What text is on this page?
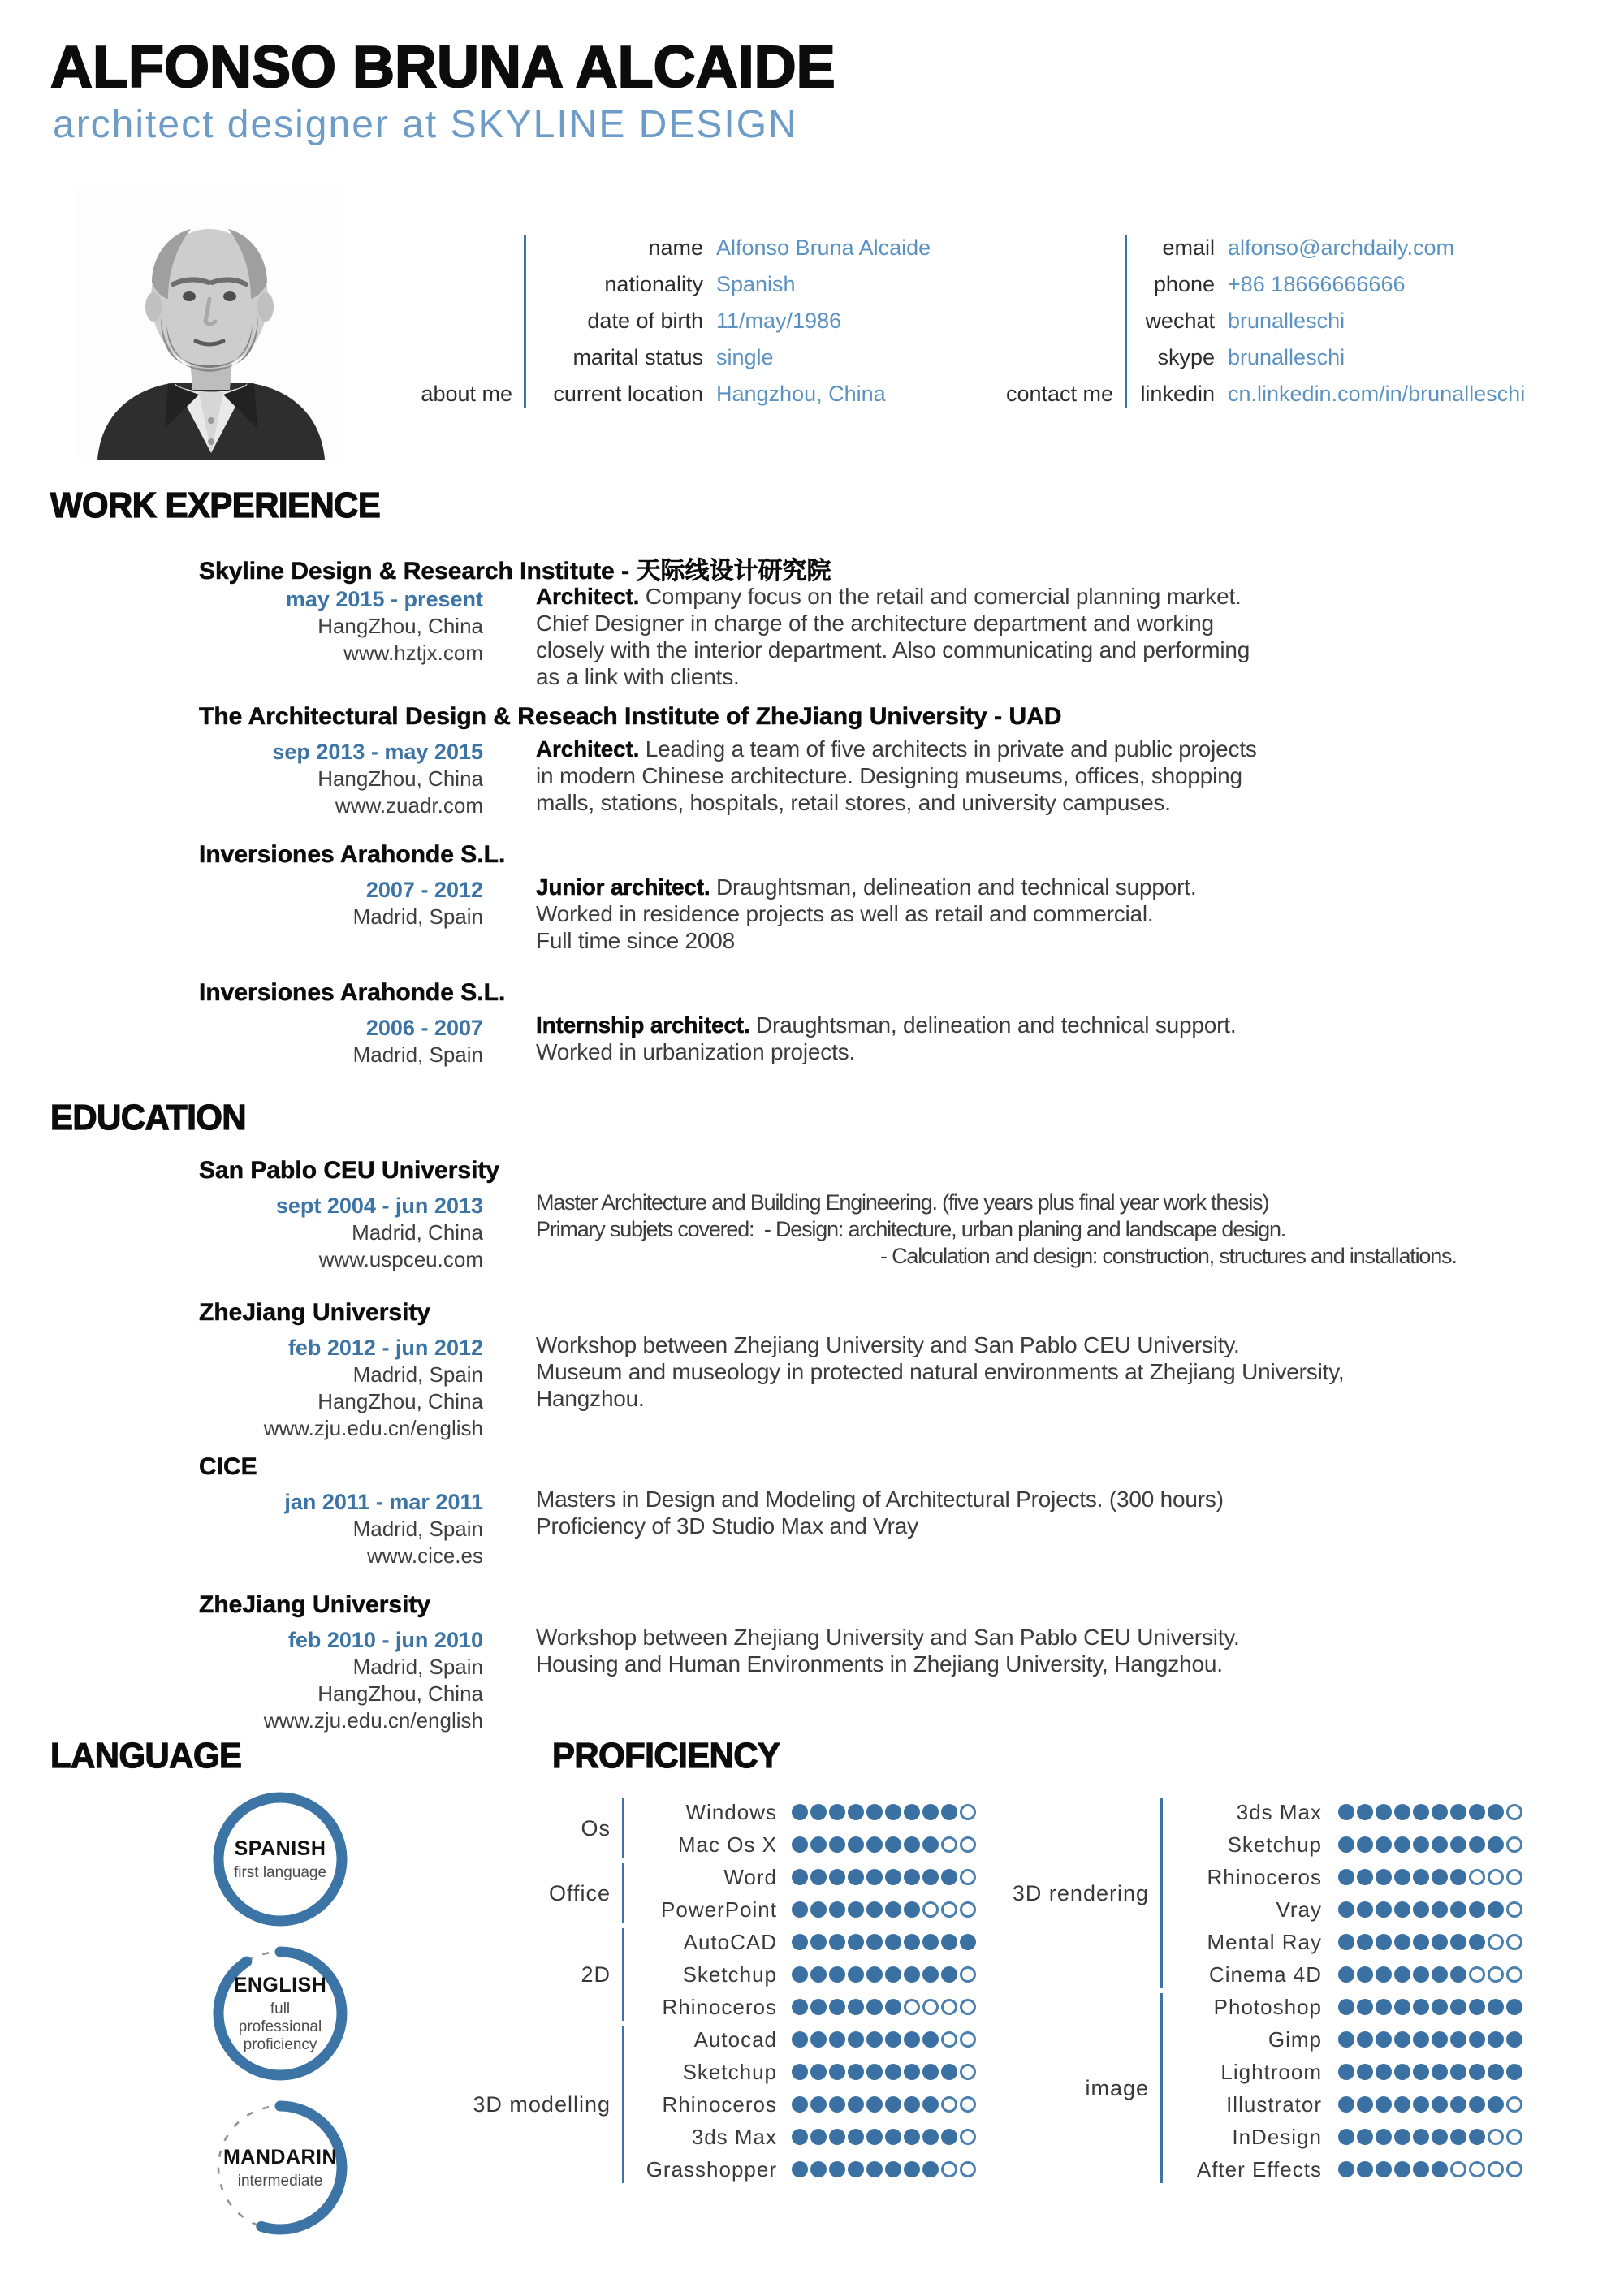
ALFONSO BRUNA ALCAIDE
architect designer at SKYLINE DESIGN
about me
name Alfonso Bruna Alcaide
nationality Spanish
date of birth 11/may/1986
marital status single
current location Hangzhou, China	contact me
email alfonso@archdaily.com
phone +86 18666666666
wechat brunalleschi
skype brunalleschi
linkedin cn.linkedin.com/in/brunalleschi
WORK EXPERIENCE
EDUCATION
LANGUAGE	PROFICIENCY
Skyline Design & Research Institute - 天际线设计研究院
may 2015 - present
HangZhou, China
www.hztjx.com
Architect. Company focus on the retail and comercial planning market.
Chief Designer in charge of the architecture department and working
closely with the interior department. Also communicating and performing
as a link with clients.
The Architectural Design & Reseach Institute of ZheJiang University - UAD
sep 2013 - may 2015
HangZhou, China
www.zuadr.com
Architect. Leading a team of five architects in private and public projects
in modern Chinese architecture. Designing museums, offices, shopping
malls, stations, hospitals, retail stores, and university campuses.
Inversiones Arahonde S.L.
2007 - 2012
Madrid, Spain
Junior architect. Draughtsman, delineation and technical support.
Worked in residence projects as well as retail and commercial.
Full time since 2008
Inversiones Arahonde S.L.
2006 - 2007
Madrid, Spain
Internship architect. Draughtsman, delineation and technical support.
Worked in urbanization projects.
San Pablo CEU University
sept 2004 - jun 2013
Madrid, China
www.uspceu.com
Master Architecture and Building Engineering. (five years plus final year work thesis)
Primary subjets covered:  - Design: architecture, urban planing and landscape design.
- Calculation and design: construction, structures and installations.
ZheJiang University
feb 2012 - jun 2012
Madrid, Spain
HangZhou, China
www.zju.edu.cn/english
Workshop between Zhejiang University and San Pablo CEU University.
Museum and museology in protected natural environments at Zhejiang University,
Hangzhou.
CICE
jan 2011 - mar 2011
Madrid, Spain
www.cice.es
Masters in Design and Modeling of Architectural Projects. (300 hours)
Proficiency of 3D Studio Max and Vray
ZheJiang University
feb 2010 - jun 2010
Madrid, Spain
HangZhou, China
www.zju.edu.cn/english
Workshop between Zhejiang University and San Pablo CEU University.
Housing and Human Environments in Zhejiang University, Hangzhou.
SPANISH
first language
ENGLISH
full professional proficiency
MANDARIN
intermediate
Os
Windows
Mac Os X
Office
Word
PowerPoint
2D
AutoCAD
Sketchup
Rhinoceros
3D modelling
Autocad
Sketchup
Rhinoceros
3ds Max
Grasshopper
3D rendering
3ds Max
Sketchup
Rhinoceros
Vray
Mental Ray
Cinema 4D
image
Photoshop
Gimp
Lightroom
Illustrator
InDesign
After Effects
